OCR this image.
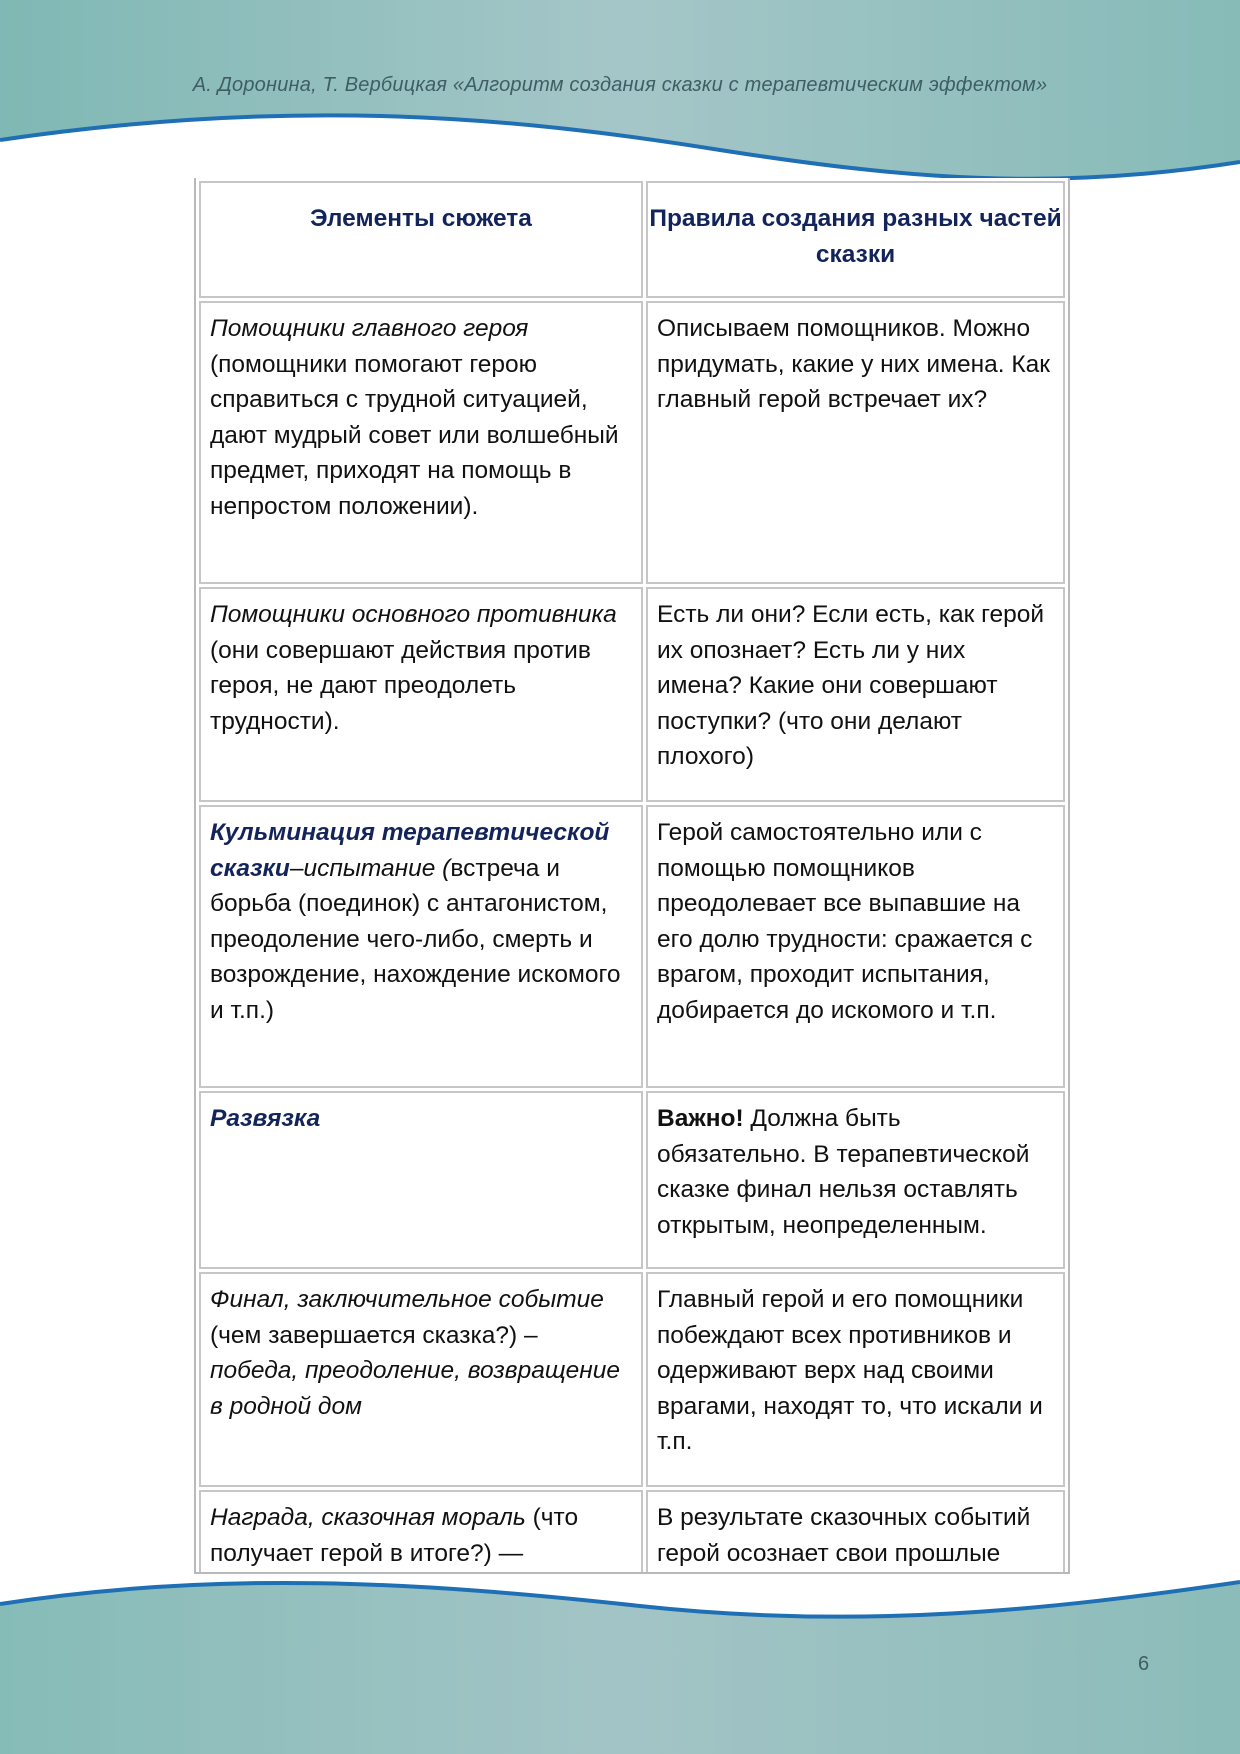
А. Доронина, Т. Вербицкая «Алгоритм создания сказки с терапевтическим эффектом»
Элементы сюжета	Правила создания разных частей сказки
Помощники главного героя (помощники помогают герою справиться с трудной ситуацией, дают мудрый совет или волшебный предмет, приходят на помощь в непростом положении).	Описываем помощников. Можно придумать, какие у них имена. Как главный герой встречает их?
Помощники основного противника (они совершают действия против героя, не дают преодолеть трудности).	Есть ли они? Если есть, как герой их опознает? Есть ли у них имена? Какие они совершают поступки? (что они делают плохого)
Кульминация терапевтической сказки–испытание (встреча и борьба (поединок) с антагонистом, преодоление чего-либо, смерть и возрождение, нахождение искомого и т.п.)	Герой самостоятельно или с помощью помощников преодолевает все выпавшие на его долю трудности: сражается с врагом, проходит испытания, добирается до искомого и т.п.
Развязка	Важно! Должна быть обязательно. В терапевтической сказке финал нельзя оставлять открытым, неопределенным.
Финал, заключительное событие (чем завершается сказка?) – победа, преодоление, возвращение в родной дом	Главный герой и его помощники побеждают всех противников и одерживают верх над своими врагами, находят то, что искали и т.п.
Награда, сказочная мораль (что получает герой в итоге?) —	В результате сказочных событий герой осознает свои прошлые
6
